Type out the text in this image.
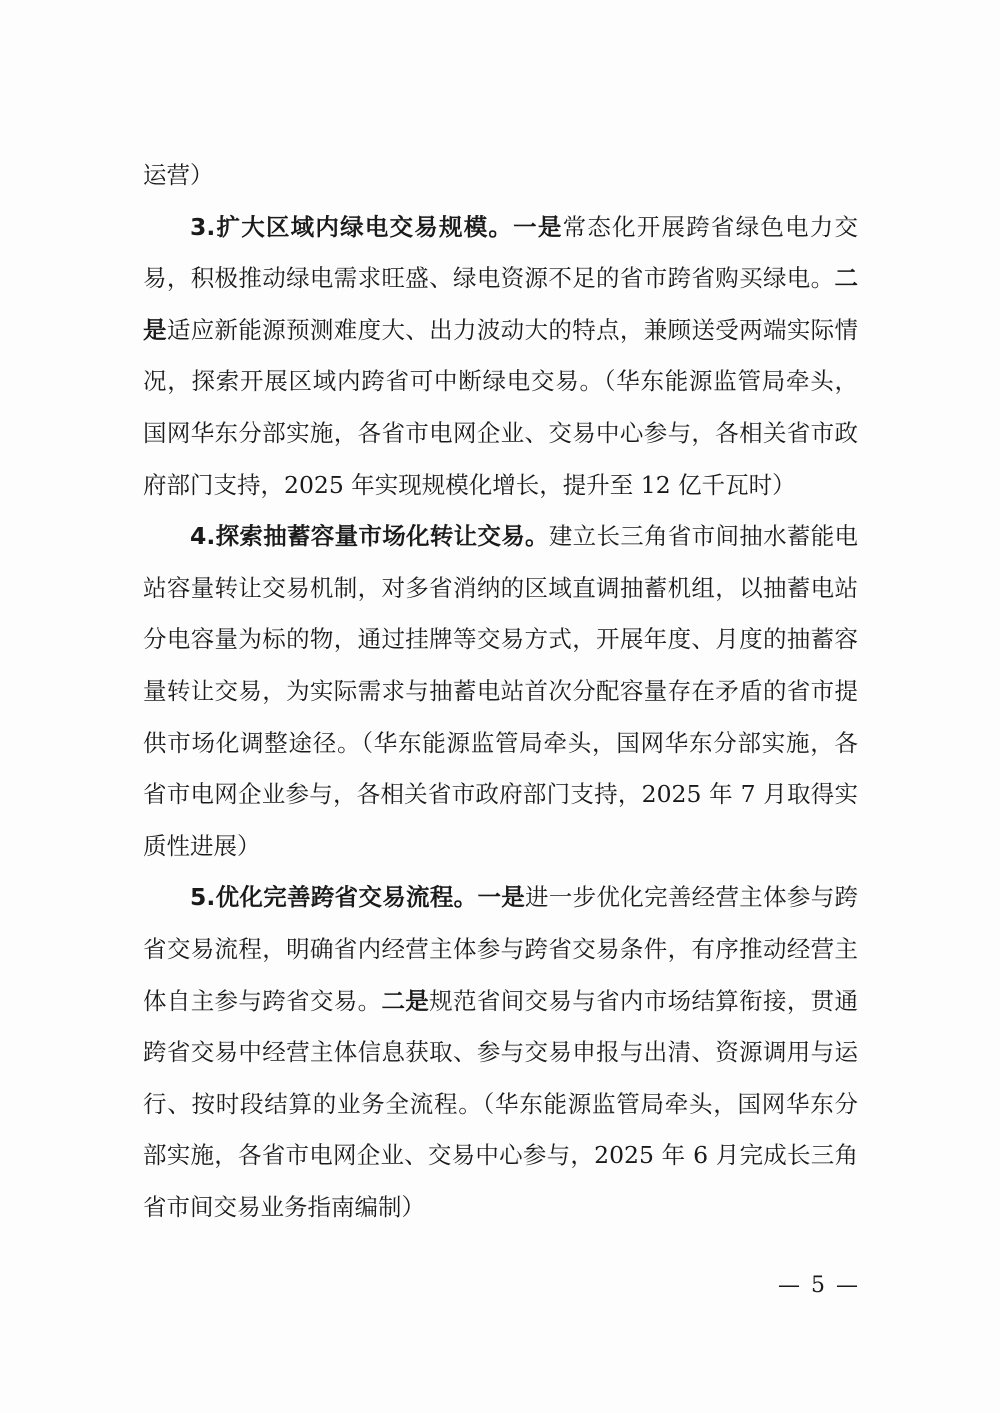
运营）

3.扩大区域内绿电交易规模。一是常态化开展跨省绿色电力交易，积极推动绿电需求旺盛、绿电资源不足的省市跨省购买绿电。二是适应新能源预测难度大、出力波动大的特点，兼顾送受两端实际情况，探索开展区域内跨省可中断绿电交易。（华东能源监管局牵头，国网华东分部实施，各省市电网企业、交易中心参与，各相关省市政府部门支持，2025 年实现规模化增长，提升至 12 亿千瓦时）

4.探索抽蓄容量市场化转让交易。建立长三角省市间抽水蓄能电站容量转让交易机制，对多省消纳的区域直调抽蓄机组，以抽蓄电站分电容量为标的物，通过挂牌等交易方式，开展年度、月度的抽蓄容量转让交易，为实际需求与抽蓄电站首次分配容量存在矛盾的省市提供市场化调整途径。（华东能源监管局牵头，国网华东分部实施，各省市电网企业参与，各相关省市政府部门支持，2025 年 7 月取得实质性进展）

5.优化完善跨省交易流程。一是进一步优化完善经营主体参与跨省交易流程，明确省内经营主体参与跨省交易条件，有序推动经营主体自主参与跨省交易。二是规范省间交易与省内市场结算衔接，贯通跨省交易中经营主体信息获取、参与交易申报与出清、资源调用与运行、按时段结算的业务全流程。（华东能源监管局牵头，国网华东分部实施，各省市电网企业、交易中心参与，2025 年 6 月完成长三角省市间交易业务指南编制）

— 5 —
